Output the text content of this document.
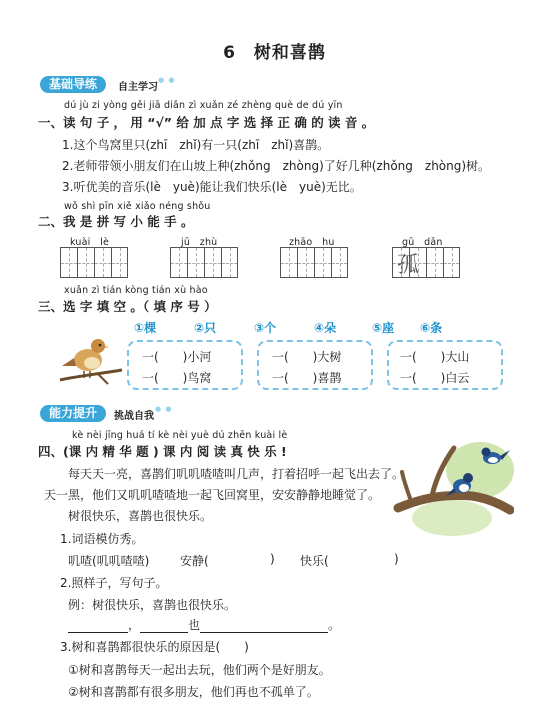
6　树和喜鹊
基础导练	自主学习
● ●
dú jù zi yòng gěi jiā diǎn zì xuǎn zé zhèng què de dú yīn
一、读 句 子 ， 用 “√” 给 加 点 字 选 择 正 确 的 读 音 。
1.这个鸟窝里只(zhī　zhǐ)有一只(zhī　zhǐ)喜鹊。
2.老师带领小朋友们在山坡上种(zhǒng　zhòng)了好几种(zhǒng　zhòng)树。
3.听优美的音乐(lè　yuè)能让我们快乐(lè　yuè)无比。
wǒ shì pīn xiě xiǎo néng shǒu
二、我 是 拼 写 小 能 手 。
kuài　lè	jū　zhù	zhāo　hu	gū　dān
孤
xuǎn zì tián kòng tián xù hào
三、选 字 填 空 。（ 填 序 号 ）
①棵	②只	③个	④朵	⑤座 ⑥条
一(　　)小河
一(　　)鸟窝
一(　　)大树
一(　　)喜鹊
一(　　)大山
一(　　)白云
能力提升	挑战自我
● ●
kè nèi jīng huá tí kè nèi yuè dú zhēn kuài lè
四、(课 内 精 华 题 ) 课 内 阅 读 真 快 乐 !
每天天一亮，喜鹊们叽叽喳喳叫几声，打着招呼一起飞出去了。
天一黑，他们又叽叽喳喳地一起飞回窝里，安安静静地睡觉了。
树很快乐，喜鹊也很快乐。
1.词语模仿秀。
叽喳(叽叽喳喳)	安静(	) 快乐(	)
2.照样子，写句子。
例：树很快乐，喜鹊也很快乐。
，	也	。
3.树和喜鹊都很快乐的原因是(　　)
①树和喜鹊每天一起出去玩，他们两个是好朋友。
②树和喜鹊都有很多朋友，他们再也不孤单了。
